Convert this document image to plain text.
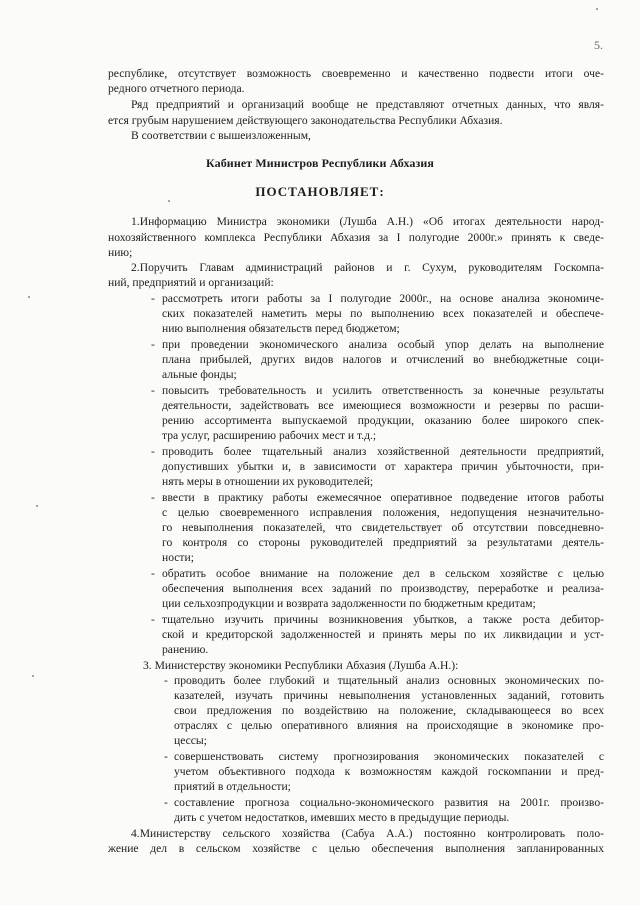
5.
республике, отсутствует возможность своевременно и качественно подвести итоги оче-
редного отчетного периода.
Ряд предприятий и организаций вообще не представляют отчетных данных, что явля-
ется грубым нарушением действующего законодательства Республики Абхазия.
В соответствии с вышеизложенным,
Кабинет Министров Республики Абхазия
ПОСТАНОВЛЯЕТ:
1.Информацию Министра экономики (Лушба А.Н.) «Об итогах деятельности народ-
нохозяйственного комплекса Республики Абхазия за I полугодие 2000г.» принять к сведе-
нию;
2.Поручить Главам администраций районов и г. Сухум, руководителям Госкомпа-
ний, предприятий и организаций:
- рассмотреть итоги работы за I полугодие 2000г., на основе анализа экономиче-
ских показателей наметить меры по выполнению всех показателей и обеспече-
нию выполнения обязательств перед бюджетом;
- при проведении экономического анализа особый упор делать на выполнение
плана прибылей, других видов налогов и отчислений во внебюджетные соци-
альные фонды;
- повысить требовательность и усилить ответственность за конечные результаты
деятельности, задействовать все имеющиеся возможности и резервы по расши-
рению ассортимента выпускаемой продукции, оказанию более широкого спек-
тра услуг, расширению рабочих мест и т.д.;
- проводить более тщательный анализ хозяйственной деятельности предприятий,
допустивших убытки и, в зависимости от характера причин убыточности, при-
нять меры в отношении их руководителей;
- ввести в практику работы ежемесячное оперативное подведение итогов работы
с целью своевременного исправления положения, недопущения незначительно-
го невыполнения показателей, что свидетельствует об отсутствии повседневно-
го контроля со стороны руководителей предприятий за результатами деятель-
ности;
- обратить особое внимание на положение дел в сельском хозяйстве с целью
обеспечения выполнения всех заданий по производству, переработке и реализа-
ции сельхозпродукции и возврата задолженности по бюджетным кредитам;
- тщательно изучить причины возникновения убытков, а также роста дебитор-
ской и кредиторской задолженностей и принять меры по их ликвидации и уст-
ранению.
3. Министерству экономики Республики Абхазия (Лушба А.Н.):
- проводить более глубокий и тщательный анализ основных экономических по-
казателей, изучать причины невыполнения установленных заданий, готовить
свои предложения по воздействию на положение, складывающееся во всех
отраслях с целью оперативного влияния на происходящие в экономике про-
цессы;
- совершенствовать систему прогнозирования экономических показателей с
учетом объективного подхода к возможностям каждой госкомпании и пред-
приятий в отдельности;
- составление прогноза социально-экономического развития на 2001г. произво-
дить с учетом недостатков, имевших место в предыдущие периоды.
4.Министерству сельского хозяйства (Сабуа А.А.) постоянно контролировать поло-
жение дел в сельском хозяйстве с целью обеспечения выполнения запланированных
